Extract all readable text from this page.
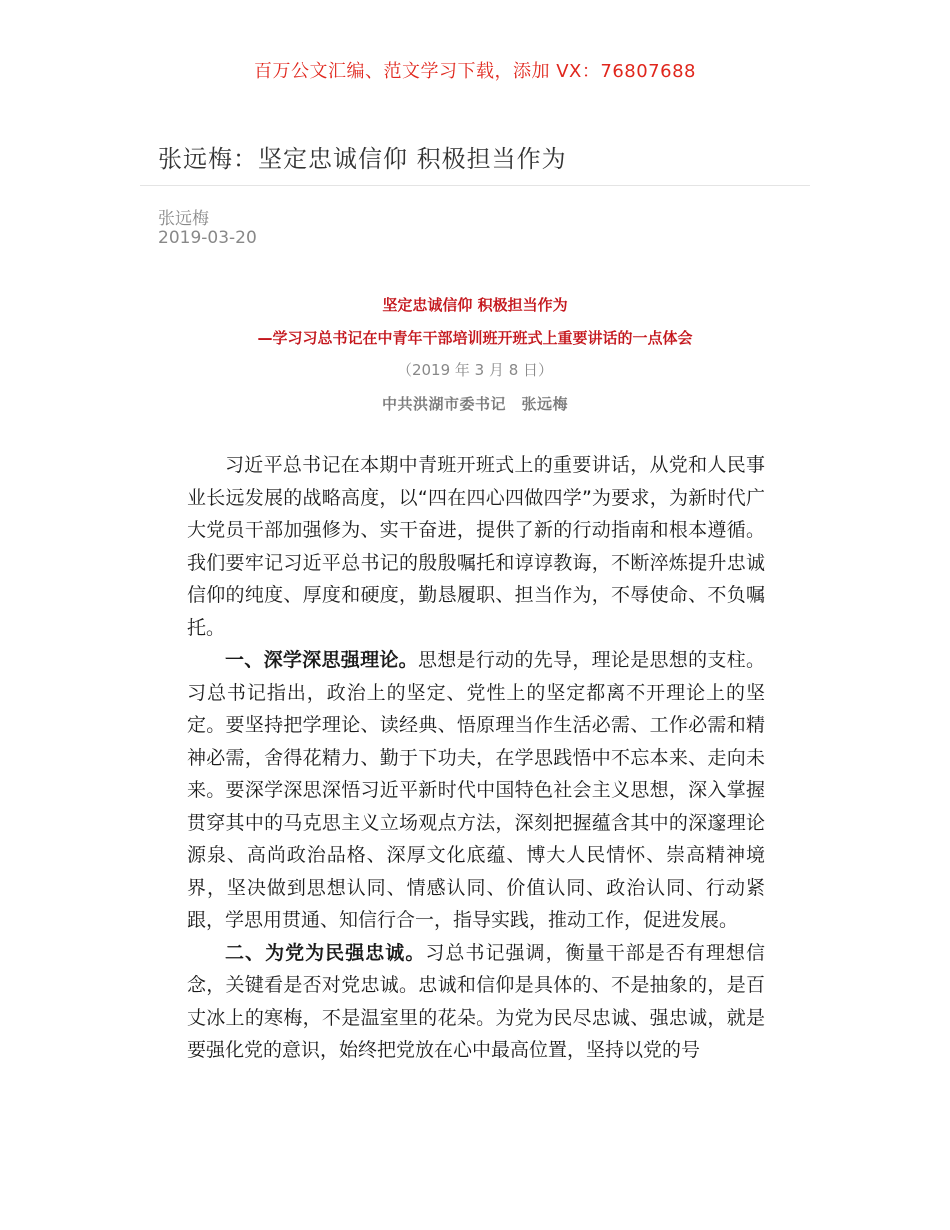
百万公文汇编、范文学习下载，添加 VX：76807688
张远梅：坚定忠诚信仰 积极担当作为
张远梅
2019-03-20
坚定忠诚信仰 积极担当作为
—学习习总书记在中青年干部培训班开班式上重要讲话的一点体会
（2019 年 3 月 8 日）
中共洪湖市委书记　张远梅

习近平总书记在本期中青班开班式上的重要讲话，从党和人民事业长远发展的战略高度，以“四在四心四做四学”为要求，为新时代广大党员干部加强修为、实干奋进，提供了新的行动指南和根本遵循。我们要牢记习近平总书记的殷殷嘱托和谆谆教诲，不断淬炼提升忠诚信仰的纯度、厚度和硬度，勤恳履职、担当作为，不辱使命、不负嘱托。

一、深学深思强理论。思想是行动的先导，理论是思想的支柱。习总书记指出，政治上的坚定、党性上的坚定都离不开理论上的坚定。要坚持把学理论、读经典、悟原理当作生活必需、工作必需和精神必需，舍得花精力、勤于下功夫，在学思践悟中不忘本来、走向未来。要深学深思深悟习近平新时代中国特色社会主义思想，深入掌握贯穿其中的马克思主义立场观点方法，深刻把握蕴含其中的深邃理论源泉、高尚政治品格、深厚文化底蕴、博大人民情怀、崇高精神境界，坚决做到思想认同、情感认同、价值认同、政治认同、行动紧跟，学思用贯通、知信行合一，指导实践，推动工作，促进发展。

二、为党为民强忠诚。习总书记强调，衡量干部是否有理想信念，关键看是否对党忠诚。忠诚和信仰是具体的、不是抽象的，是百丈冰上的寒梅，不是温室里的花朵。为党为民尽忠诚、强忠诚，就是要强化党的意识，始终把党放在心中最高位置，坚持以党的号
